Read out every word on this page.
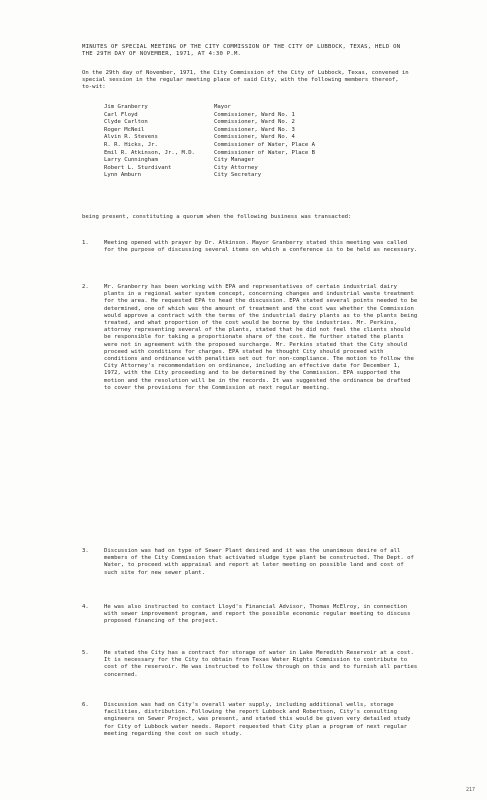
MINUTES OF SPECIAL MEETING OF THE CITY COMMISSION OF THE CITY OF LUBBOCK, TEXAS, HELD ON THE 29TH DAY OF NOVEMBER, 1971, AT 4:30 P.M.
On the 29th day of November, 1971, the City Commission of the City of Lubbock, Texas, convened in special session in the regular meeting place of said City, with the following members thereof, to-wit:
Jim Granberry	Mayor
Carl Floyd	Commissioner, Ward No. 1
Clyde Carlton	Commissioner, Ward No. 2
Roger McNeil	Commissioner, Ward No. 3
Alvin R. Stevens	Commissioner, Ward No. 4
R. R. Hicks, Jr.	Commissioner of Water, Place A
Emil R. Atkinson, Jr., M.D.	Commissioner of Water, Place B
Larry Cunningham	City Manager
Robert L. Sturdivant	City Attorney
Lynn Amburn	City Secretary
being present, constituting a quorum when the following business was transacted:
1.	Meeting opened with prayer by Dr. Atkinson. Mayor Granberry stated this meeting was called for the purpose of discussing several items on which a conference is to be held as necessary.
2.	Mr. Granberry has been working with EPA and representatives of certain industrial dairy plants in a regional water system concept, concerning changes and industrial waste treatment for the area. He requested EPA to head the discussion. EPA stated several points needed to be determined, one of which was the amount of treatment and the cost was whether the Commission would approve a contract with the terms of the industrial dairy plants as to the plants being treated, and what proportion of the cost would be borne by the industries. Mr. Perkins, attorney representing several of the plants, stated that he did not feel the clients should be responsible for taking a proportionate share of the cost. He further stated the plants were not in agreement with the proposed surcharge. Mr. Perkins stated that the City should proceed with conditions for charges. EPA stated he thought City should proceed with conditions and ordinance with penalties set out for non-compliance. The motion to follow the City Attorney's recommendation on ordinance, including an effective date for December 1, 1972, with the City proceeding and to be determined by the Commission. EPA supported the motion and the resolution will be in the records. It was suggested the ordinance be drafted to cover the provisions for the Commission at next regular meeting.
3.	Discussion was had on type of Sewer Plant desired and it was the unanimous desire of all members of the City Commission that activated sludge type plant be constructed. The Dept. of Water, to proceed with appraisal and report at later meeting on possible land and cost of such site for new sewer plant.
4.	He was also instructed to contact Lloyd's Financial Advisor, Thomas McElroy, in connection with sewer improvement program, and report the possible economic regular meeting to discuss proposed financing of the project.
5.	He stated the City has a contract for storage of water in Lake Meredith Reservoir at a cost. It is necessary for the City to obtain from Texas Water Rights Commission to contribute to cost of the reservoir. He was instructed to follow through on this and to furnish all parties concerned.
6.	Discussion was had on City's overall water supply, including additional wells, storage facilities, distribution. Following the report Lubbock and Robertson, City's consulting engineers on Sewer Project, was present, and stated this would be given very detailed study for City of Lubbock water needs. Report requested that City plan a program of next regular meeting regarding the cost on such study.
217
